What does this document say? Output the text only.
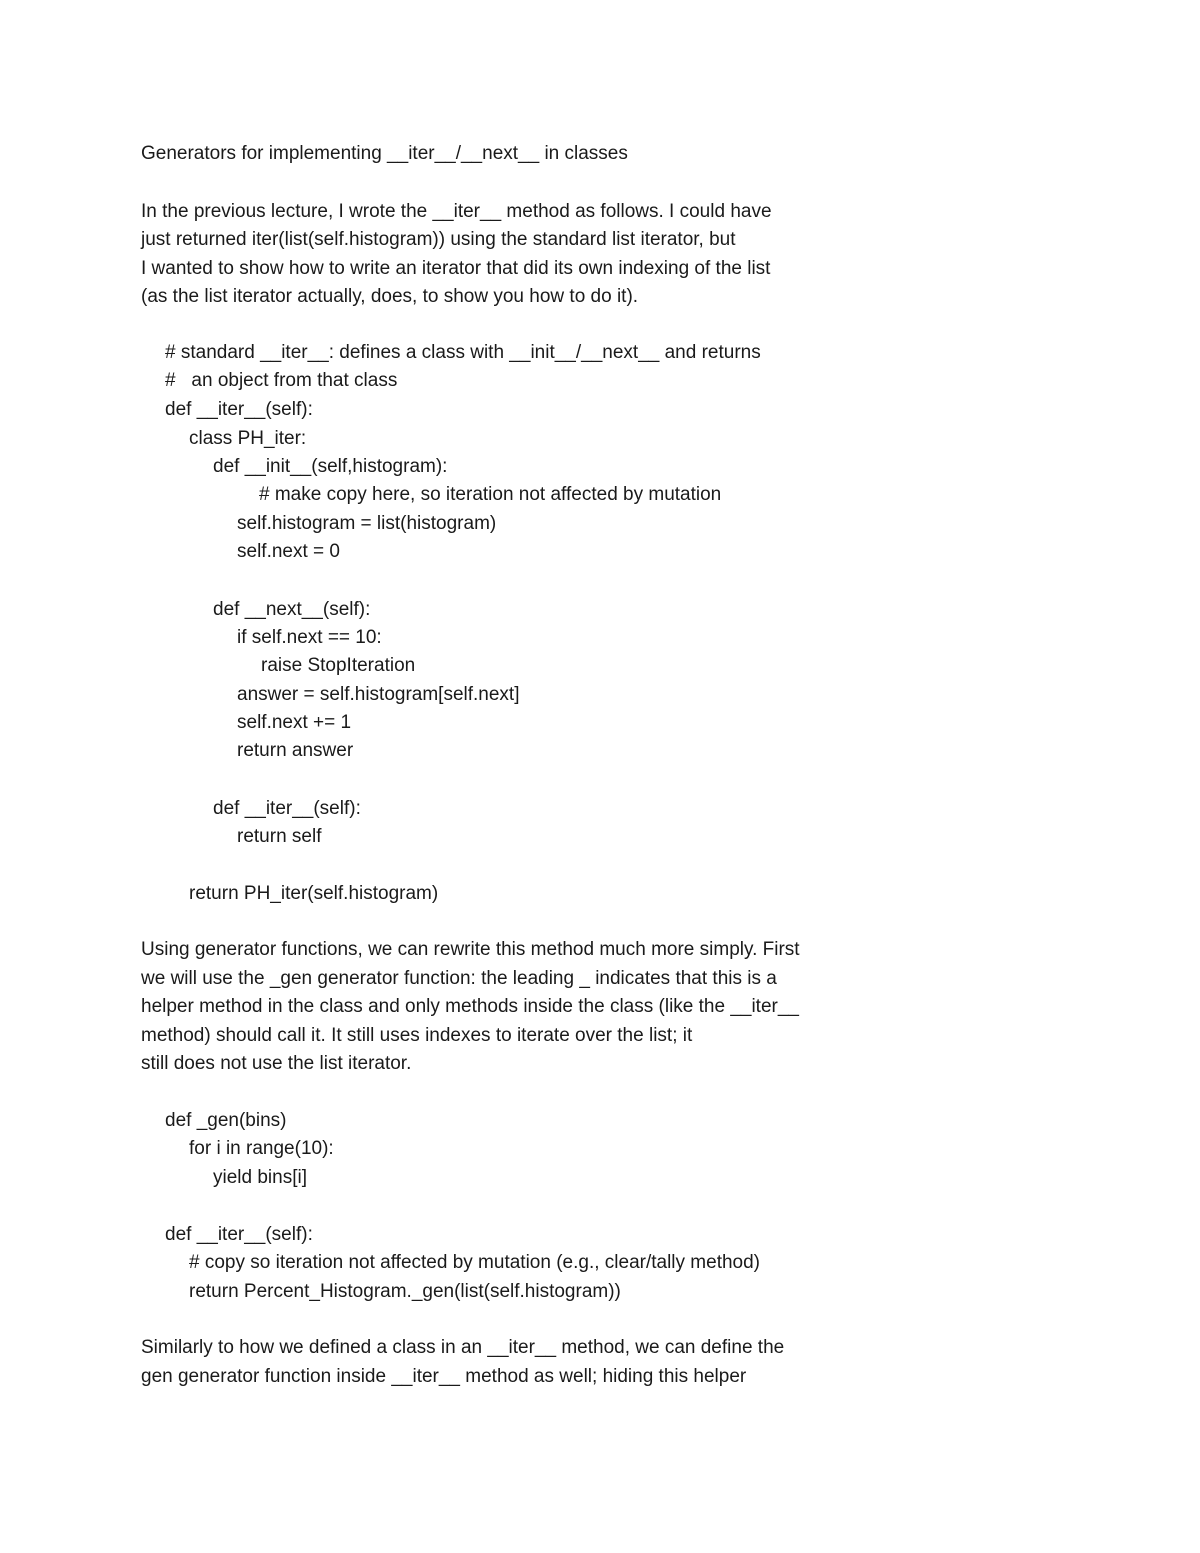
Generators for implementing __iter__/__next__ in classes
In the previous lecture, I wrote the __iter__ method as follows. I could have
just returned iter(list(self.histogram)) using the standard list iterator, but
I wanted to show how to write an iterator that did its own indexing of the list
(as the list iterator actually, does, to show you how to do it).
# standard __iter__: defines a class with __init__/__next__ and returns
#   an object from that class
def __iter__(self):
class PH_iter:
def __init__(self,histogram):
# make copy here, so iteration not affected by mutation
self.histogram = list(histogram)
self.next = 0
def __next__(self):
if self.next == 10:
raise StopIteration
answer = self.histogram[self.next]
self.next += 1
return answer
def __iter__(self):
return self
return PH_iter(self.histogram)
Using generator functions, we can rewrite this method much more simply. First
we will use the _gen generator function: the leading _ indicates that this is a
helper method in the class and only methods inside the class (like the __iter__
method) should call it. It still uses indexes to iterate over the list; it
still does not use the list iterator.
def _gen(bins)
for i in range(10):
yield bins[i]
def __iter__(self):
# copy so iteration not affected by mutation (e.g., clear/tally method)
return Percent_Histogram._gen(list(self.histogram))
Similarly to how we defined a class in an __iter__ method, we can define the
gen generator function inside __iter__ method as well; hiding this helper
